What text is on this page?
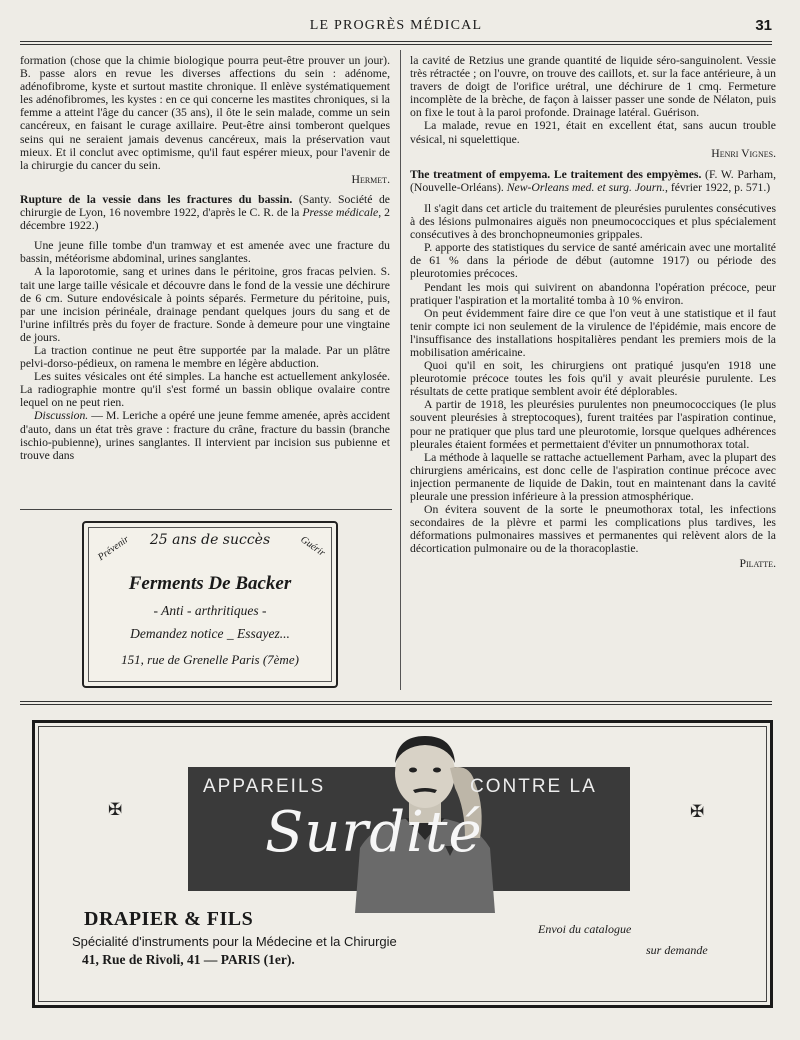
LE PROGRÈS MÉDICAL	31

formation (chose que la chimie biologique pourra peut-être prouver un jour). B. passe alors en revue les diverses affections du sein : adénome, adénofibrome, kyste et surtout mastite chronique. Il enlève systématiquement les adénofibromes, les kystes : en ce qui concerne les mastites chroniques, si la femme a atteint l'âge du cancer (35 ans), il ôte le sein malade, comme un sein cancéreux, en faisant le curage axillaire. Peut-être ainsi tomberont quelques seins qui ne seraient jamais devenus cancéreux, mais la préservation vaut mieux. Et il conclut avec optimisme, qu'il faut espérer mieux, pour l'avenir de la chirurgie du cancer du sein.

Hermet.

Rupture de la vessie dans les fractures du bassin. (Santy. Société de chirurgie de Lyon, 16 novembre 1922, d'après le C. R. de la Presse médicale, 2 décembre 1922.)

Une jeune fille tombe d'un tramway et est amenée avec une fracture du bassin, météorisme abdominal, urines sanglantes.

A la laporotomie, sang et urines dans le péritoine, gros fracas pelvien. S. tait une large taille vésicale et découvre dans le fond de la vessie une déchirure de 6 cm. Suture endovésicale à points séparés. Fermeture du péritoine, puis, par une incision périnéale, drainage pendant quelques jours du sang et de l'urine infiltrés près du foyer de fracture. Sonde à demeure pour une vingtaine de jours.

La traction continue ne peut être supportée par la malade. Par un plâtre pelvi-dorso-pédieux, on ramena le membre en légère abduction.

Les suites vésicales ont été simples. La hanche est actuellement ankylosée. La radiographie montre qu'il s'est formé un bassin oblique ovalaire contre lequel on ne peut rien.

Discussion. — M. Leriche a opéré une jeune femme amenée, après accident d'auto, dans un état très grave : fracture du crâne, fracture du bassin (branche ischio-pubienne), urines sanglantes. Il intervient par incision sus pubienne et trouve dans

la cavité de Retzius une grande quantité de liquide séro-sanguinolent. Vessie très rétractée ; on l'ouvre, on trouve des caillots, et. sur la face antérieure, à un travers de doigt de l'orifice urétral, une déchirure de 1 cmq. Fermeture incomplète de la brèche, de façon à laisser passer une sonde de Nélaton, puis on fixe le tout à la paroi profonde. Drainage latéral. Guérison.

La malade, revue en 1921, était en excellent état, sans aucun trouble vésical, ni squelettique.

Henri Vignes.

The treatment of empyema. Le traitement des empyèmes. (F. W. Parham, (Nouvelle-Orléans). New-Orleans med. et surg. Journ., février 1922, p. 571.)

Il s'agit dans cet article du traitement de pleurésies purulentes consécutives à des lésions pulmonaires aiguës non pneumococciques et plus spécialement consécutives à des bronchopneumonies grippales.

P. apporte des statistiques du service de santé américain avec une mortalité de 61 % dans la période de début (automne 1917) ou période des pleurotomies précoces.

Pendant les mois qui suivirent on abandonna l'opération précoce, peur pratiquer l'aspiration et la mortalité tomba à 10 % environ.

On peut évidemment faire dire ce que l'on veut à une statistique et il faut tenir compte ici non seulement de la virulence de l'épidémie, mais encore de l'insuffisance des installations hospitalières pendant les premiers mois de la mobilisation américaine.

Quoi qu'il en soit, les chirurgiens ont pratiqué jusqu'en 1918 une pleurotomie précoce toutes les fois qu'il y avait pleurésie purulente. Les résultats de cette pratique semblent avoir été déplorables.

A partir de 1918, les pleurésies purulentes non pneumococciques (le plus souvent pleurésies à streptocoques), furent traitées par l'aspiration continue, pour ne pratiquer que plus tard une pleurotomie, lorsque quelques adhérences pleurales étaient formées et permettaient d'éviter un pnnumothorax total.

La méthode à laquelle se rattache actuellement Parham, avec la plupart des chirurgiens américains, est donc celle de l'aspiration continue précoce avec injection permanente de liquide de Dakin, tout en maintenant dans la cavité pleurale une pression inférieure à la pression atmosphérique.

On évitera souvent de la sorte le pneumothorax total, les infections secondaires de la plèvre et parmi les complications plus tardives, les déformations pulmonaires massives et permanentes qui relèvent alors de la décortication pulmonaire ou de la thoracoplastie.

Pilatte.
25 ans de succès
Prévenir	Guérir
Ferments De Backer
- Anti - arthritiques -
Demandez notice _ Essayez...
151, rue de Grenelle Paris (7ème)
APPAREILS	CONTRE LA
Surdité
✠	✠
DRAPIER & FILS
Spécialité d'instruments pour la Médecine et la Chirurgie
41, Rue de Rivoli, 41 — PARIS (1er).
Envoi du catalogue
sur demande
